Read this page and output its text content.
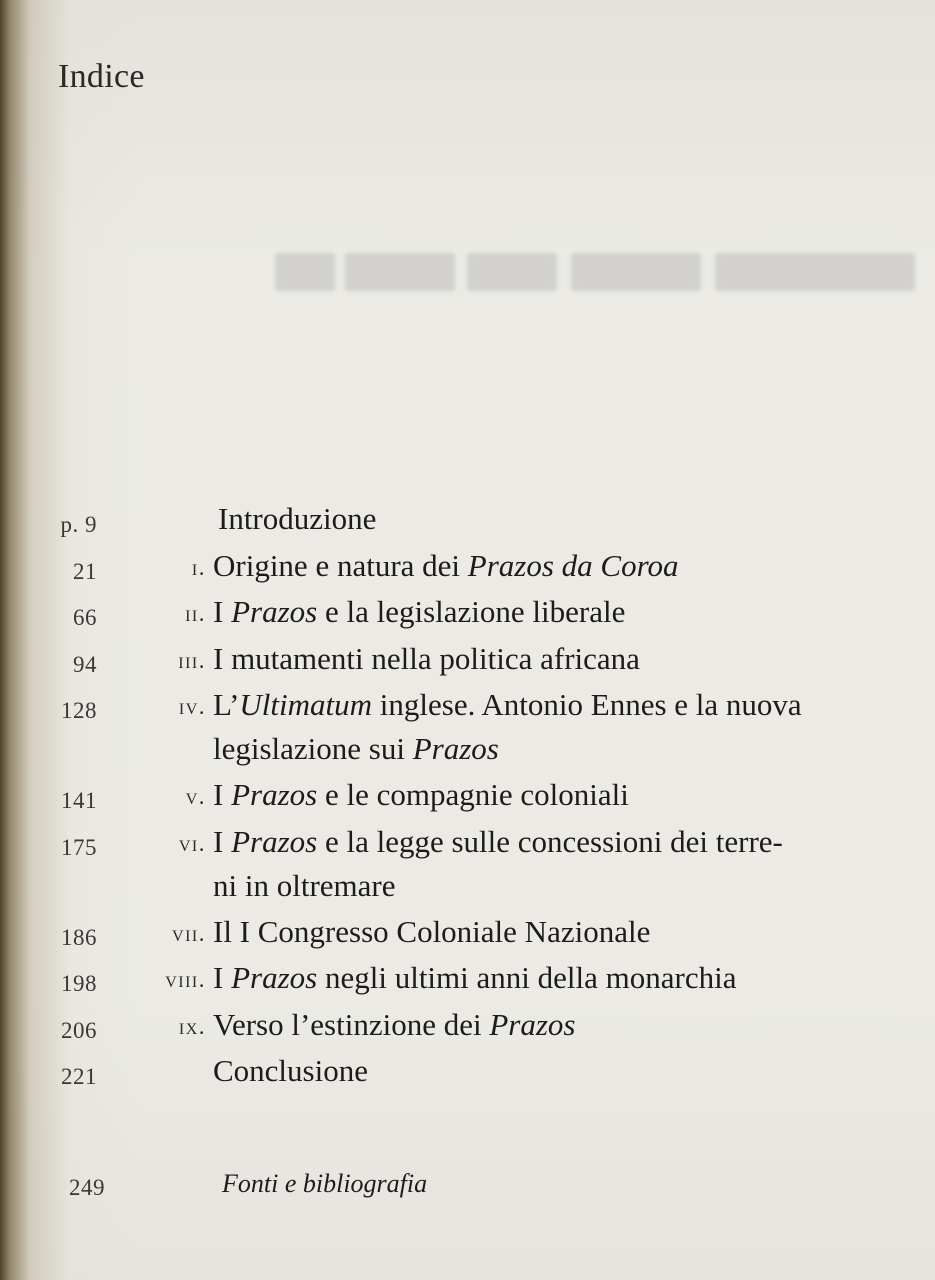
Indice
p. 9	Introduzione
21	i. Origine e natura dei Prazos da Coroa
66	ii. I Prazos e la legislazione liberale
94	iii. I mutamenti nella politica africana
128	iv. L’Ultimatum inglese. Antonio Ennes e la nuova legislazione sui Prazos
141	v. I Prazos e le compagnie coloniali
175	vi. I Prazos e la legge sulle concessioni dei terre-
ni in oltremare
186	vii. Il I Congresso Coloniale Nazionale
198	viii. I Prazos negli ultimi anni della monarchia
206	ix. Verso l’estinzione dei Prazos
221	Conclusione
249	Fonti e bibliografia
